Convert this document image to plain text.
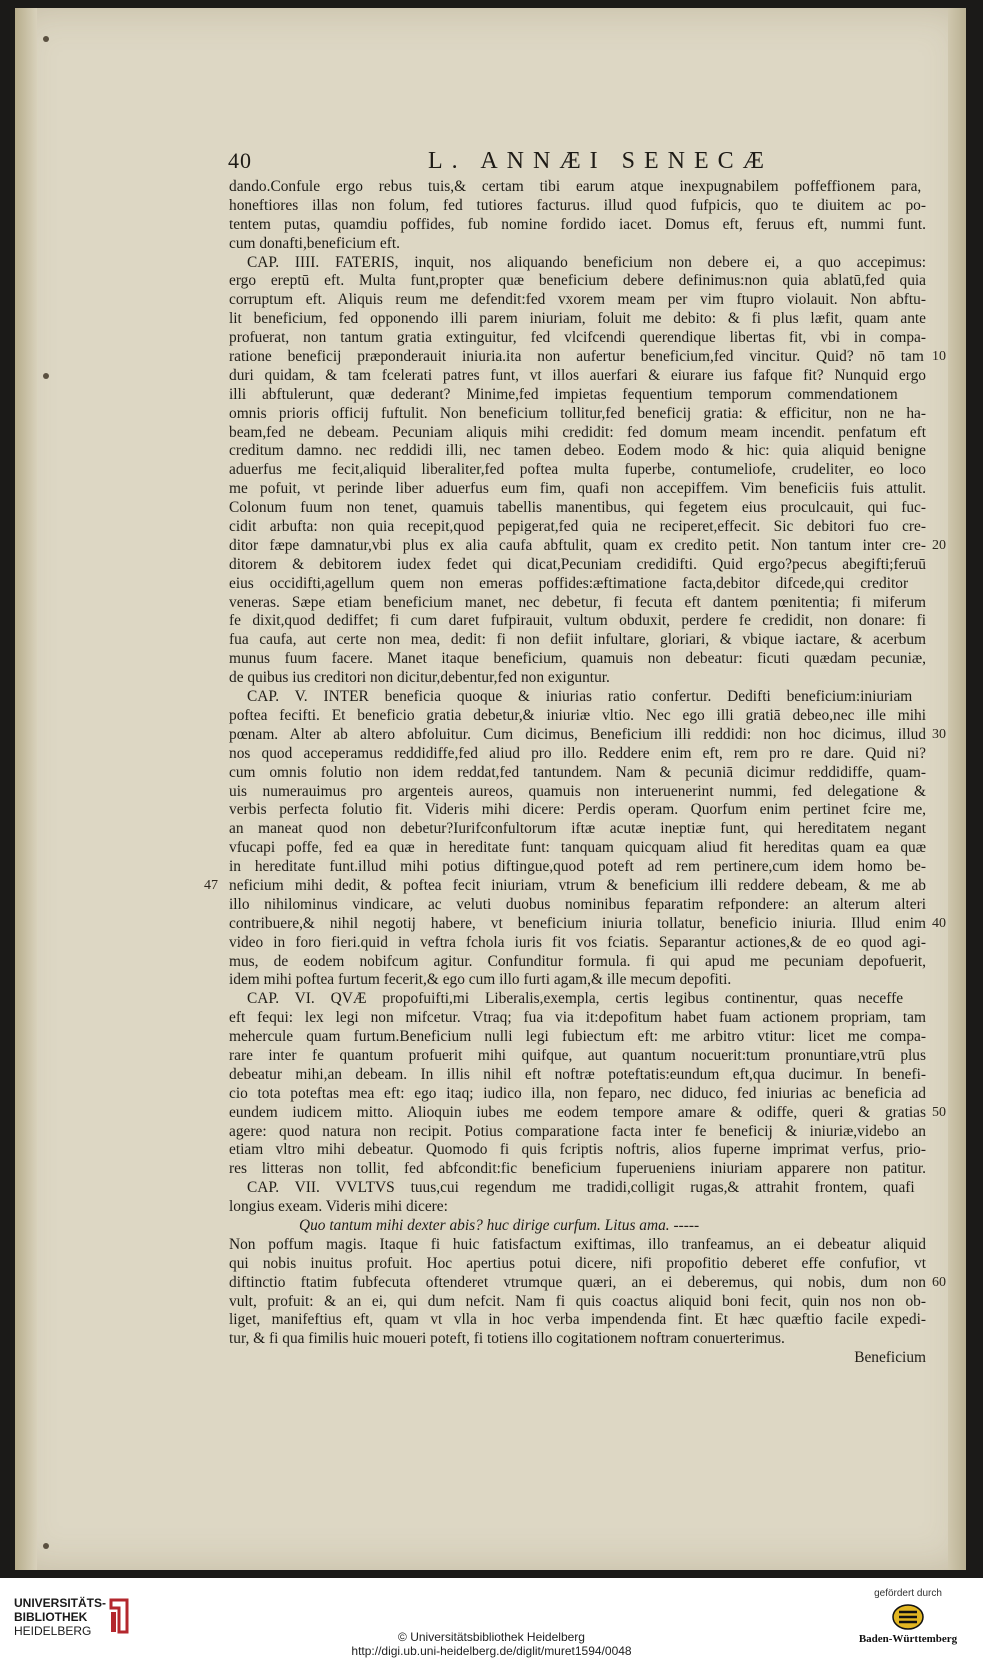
40	L. ANNÆI SENECÆ
dando.Confule ergo rebus tuis,& certam tibi earum atque inexpugnabilem poffeffionem para,
honeftiores illas non folum, fed tutiores facturus. illud quod fufpicis, quo te diuitem ac po-
tentem putas, quamdiu poffides, fub nomine fordido iacet. Domus eft, feruus eft, nummi funt.
cum donafti,beneficium eft.
CAP. IIII. FATERIS, inquit, nos aliquando beneficium non debere ei, a quo accepimus:
ergo ereptū eft. Multa funt,propter quæ beneficium debere definimus:non quia ablatū,fed quia
corruptum eft. Aliquis reum me defendit:fed vxorem meam per vim ftupro violauit. Non abftu-
lit beneficium, fed opponendo illi parem iniuriam, foluit me debito: & fi plus læfit, quam ante
profuerat, non tantum gratia extinguitur, fed vlcifcendi querendique libertas fit, vbi in compa-
ratione beneficij præponderauit iniuria.ita non aufertur beneficium,fed vincitur. Quid? nō tam
duri quidam, & tam fcelerati patres funt, vt illos auerfari & eiurare ius fafque fit? Nunquid ergo
illi abftulerunt, quæ dederant? Minime,fed impietas fequentium temporum commendationem
omnis prioris officij fuftulit. Non beneficium tollitur,fed beneficij gratia: & efficitur, non ne ha-
beam,fed ne debeam. Pecuniam aliquis mihi credidit: fed domum meam incendit. penfatum eft
creditum damno. nec reddidi illi, nec tamen debeo. Eodem modo & hic: quia aliquid benigne
aduerfus me fecit,aliquid liberaliter,fed poftea multa fuperbe, contumeliofe, crudeliter, eo loco
me pofuit, vt perinde liber aduerfus eum fim, quafi non accepiffem. Vim beneficiis fuis attulit.
Colonum fuum non tenet, quamuis tabellis manentibus, qui fegetem eius proculcauit, qui fuc-
cidit arbufta: non quia recepit,quod pepigerat,fed quia ne reciperet,effecit. Sic debitori fuo cre-
ditor fæpe damnatur,vbi plus ex alia caufa abftulit, quam ex credito petit. Non tantum inter cre-
ditorem & debitorem iudex fedet qui dicat,Pecuniam credidifti. Quid ergo?pecus abegifti;feruū
eius occidifti,agellum quem non emeras poffides:æftimatione facta,debitor difcede,qui creditor
veneras. Sæpe etiam beneficium manet, nec debetur, fi fecuta eft dantem pœnitentia; fi miferum
fe dixit,quod dediffet; fi cum daret fufpirauit, vultum obduxit, perdere fe credidit, non donare: fi
fua caufa, aut certe non mea, dedit: fi non defiit infultare, gloriari, & vbique iactare, & acerbum
munus fuum facere. Manet itaque beneficium, quamuis non debeatur: ficuti quædam pecuniæ,
de quibus ius creditori non dicitur,debentur,fed non exiguntur.
CAP. V. INTER beneficia quoque & iniurias ratio confertur. Dedifti beneficium:iniuriam
poftea fecifti. Et beneficio gratia debetur,& iniuriæ vltio. Nec ego illi gratiā debeo,nec ille mihi
pœnam. Alter ab altero abfoluitur. Cum dicimus, Beneficium illi reddidi: non hoc dicimus, illud
nos quod acceperamus reddidiffe,fed aliud pro illo. Reddere enim eft, rem pro re dare. Quid ni?
cum omnis folutio non idem reddat,fed tantundem. Nam & pecuniā dicimur reddidiffe, quam-
uis numerauimus pro argenteis aureos, quamuis non interuenerint nummi, fed delegatione &
verbis perfecta folutio fit. Videris mihi dicere: Perdis operam. Quorfum enim pertinet fcire me,
an maneat quod non debetur?Iurifconfultorum iftæ acutæ ineptiæ funt, qui hereditatem negant
vfucapi poffe, fed ea quæ in hereditate funt: tanquam quicquam aliud fit hereditas quam ea quæ
in hereditate funt.illud mihi potius diftingue,quod poteft ad rem pertinere,cum idem homo be-
neficium mihi dedit, & poftea fecit iniuriam, vtrum & beneficium illi reddere debeam, & me ab
illo nihilominus vindicare, ac veluti duobus nominibus feparatim refpondere: an alterum alteri
contribuere,& nihil negotij habere, vt beneficium iniuria tollatur, beneficio iniuria. Illud enim
video in foro fieri.quid in veftra fchola iuris fit vos fciatis. Separantur actiones,& de eo quod agi-
mus, de eodem nobifcum agitur. Confunditur formula. fi qui apud me pecuniam depofuerit,
idem mihi poftea furtum fecerit,& ego cum illo furti agam,& ille mecum depofiti.
CAP. VI. QVÆ propofuifti,mi Liberalis,exempla, certis legibus continentur, quas neceffe
eft fequi: lex legi non mifcetur. Vtraq; fua via it:depofitum habet fuam actionem propriam, tam
mehercule quam furtum.Beneficium nulli legi fubiectum eft: me arbitro vtitur: licet me compa-
rare inter fe quantum profuerit mihi quifque, aut quantum nocuerit:tum pronuntiare,vtrū plus
debeatur mihi,an debeam. In illis nihil eft noftræ poteftatis:eundum eft,qua ducimur. In benefi-
cio tota poteftas mea eft: ego itaq; iudico illa, non feparo, nec diduco, fed iniurias ac beneficia ad
eundem iudicem mitto. Alioquin iubes me eodem tempore amare & odiffe, queri & gratias
agere: quod natura non recipit. Potius comparatione facta inter fe beneficij & iniuriæ,videbo an
etiam vltro mihi debeatur. Quomodo fi quis fcriptis noftris, alios fuperne imprimat verfus, prio-
res litteras non tollit, fed abfcondit:fic beneficium fuperueniens iniuriam apparere non patitur.
CAP. VII. VVLTVS tuus,cui regendum me tradidi,colligit rugas,& attrahit frontem, quafi
longius exeam. Videris mihi dicere:
Quo tantum mihi dexter abis? huc dirige curfum. Litus ama. -----
Non poffum magis. Itaque fi huic fatisfactum exiftimas, illo tranfeamus, an ei debeatur aliquid
qui nobis inuitus profuit. Hoc apertius potui dicere, nifi propofitio deberet effe confufior, vt
diftinctio ftatim fubfecuta oftenderet vtrumque quæri, an ei deberemus, qui nobis, dum non
vult, profuit: & an ei, qui dum nefcit. Nam fi quis coactus aliquid boni fecit, quin nos non ob-
liget, manifeftius eft, quam vt vlla in hoc verba impendenda fint. Et hæc quæftio facile expedi-
tur, & fi qua fimilis huic moueri poteft, fi totiens illo cogitationem noftram conuerterimus.
Beneficium
10
20
30
47
40
50
60
UNIVERSITÄTS-
BIBLIOTHEK
HEIDELBERG	© Universitätsbibliothek Heidelberg
http://digi.ub.uni-heidelberg.de/diglit/muret1594/0048
gefördert durch
Baden-Württemberg
